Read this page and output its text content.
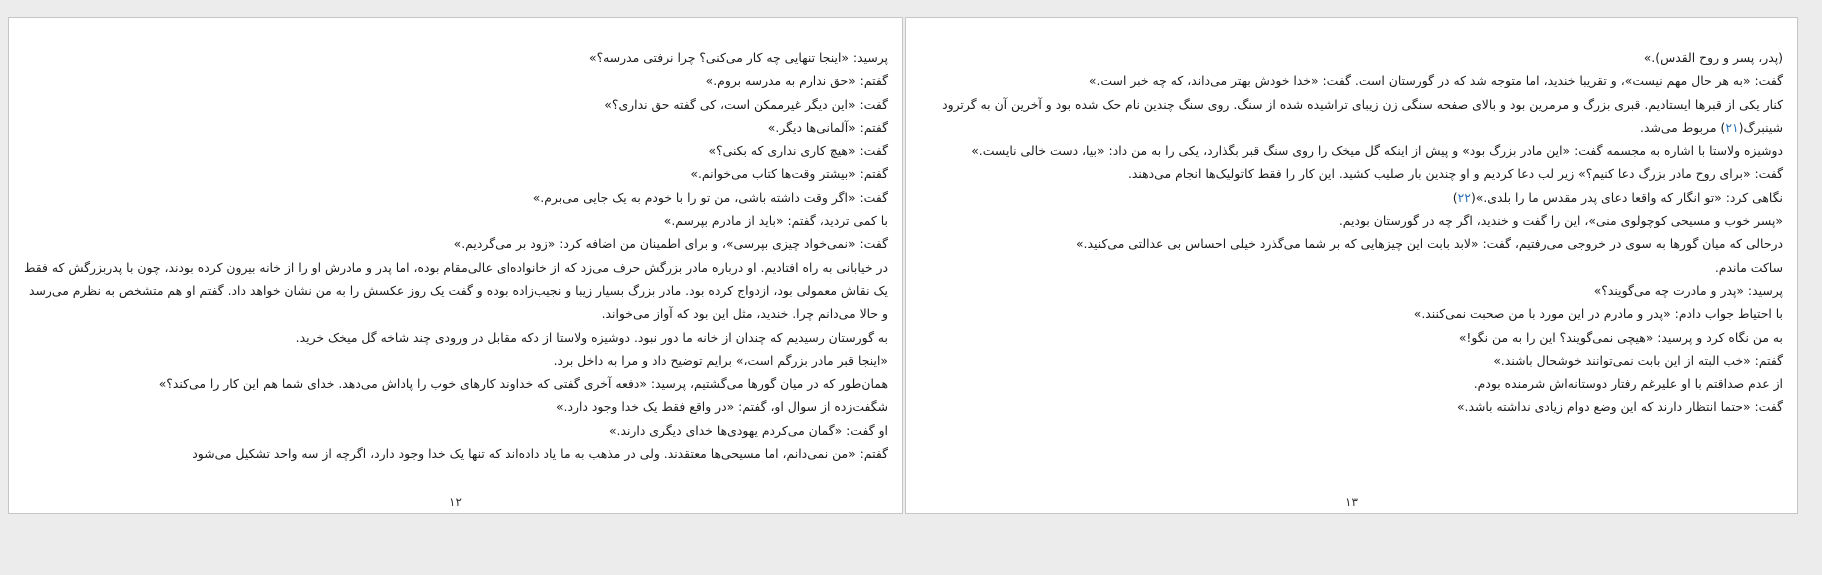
پرسید: «اینجا تنهایی چه کار می‌کنی؟ چرا نرفتی مدرسه؟»

گفتم: «حق ندارم به مدرسه بروم.»

گفت: «این دیگر غیرممکن است، کی گفته حق نداری؟»

گفتم: «آلمانی‌ها دیگر.»

گفت: «هیچ کاری نداری که بکنی؟»

گفتم: «بیشتر وقت‌ها کتاب می‌خوانم.»

گفت: «اگر وقت داشته باشی، من تو را با خودم به یک جایی می‌برم.»

با کمی تردید، گفتم: «باید از مادرم بپرسم.»

گفت: «نمی‌خواد چیزی بپرسی»، و برای اطمینان من اضافه کرد: «زود بر می‌گردیم.»

در خیابانی به راه افتادیم. او درباره مادر بزرگش حرف می‌زد که از خانواده‌ای عالی‌مقام بوده، اما پدر و مادرش او را از خانه بیرون کرده بودند، چون با پدربزرگش که فقط یک نقاش معمولی بود، ازدواج کرده بود. مادر بزرگ بسیار زیبا و نجیب‌زاده بوده و گفت یک روز عکسش را به من نشان خواهد داد. گفتم او هم متشخص به نظرم می‌رسد و حالا می‌دانم چرا. خندید، مثل این بود که آواز می‌خواند.

به گورستان رسیدیم که چندان از خانه ما دور نبود. دوشیزه ولاستا از دکه مقابل در ورودی چند شاخه گل میخک خرید.

«اینجا قبر مادر بزرگم است،» برایم توضیح داد و مرا به داخل برد.

همان‌طور که در میان گورها می‌گشتیم، پرسید: «دفعه آخری گفتی که خداوند کارهای خوب را پاداش می‌دهد. خدای شما هم این کار را می‌کند؟»

شگفت‌زده از سوال او، گفتم: «در واقع فقط یک خدا وجود دارد.»

او گفت: «گمان می‌کردم یهودی‌ها خدای دیگری دارند.»

گفتم: «من نمی‌دانم، اما مسیحی‌ها معتقدند. ولی در مذهب به ما یاد داده‌اند که تنها یک خدا وجود دارد، اگرچه از سه واحد تشکیل می‌شود

۱۲

(پدر، پسر و روح القدس).»

گفت: «به هر حال مهم نیست»، و تقریبا خندید، اما متوجه شد که در گورستان است. گفت: «خدا خودش بهتر می‌داند، که چه خبر است.»

کنار یکی از قبرها ایستادیم. قبری بزرگ و مرمرین بود و بالای صفحه سنگی زن زیبای تراشیده شده از سنگ. روی سنگ چندین نام حک شده بود و آخرین آن به گرترود شینبرگ(۲۱) مربوط می‌شد.

دوشیزه ولاستا با اشاره به مجسمه گفت: «این مادر بزرگ بود» و پیش از اینکه گل میخک را روی سنگ قبر بگذارد، یکی را به من داد: «بیا، دست خالی نایست.»

گفت: «برای روح مادر بزرگ دعا کنیم؟» زیر لب دعا کردیم و او چندین بار صلیب کشید. این کار را فقط کاتولیک‌ها انجام می‌دهند.

نگاهی کرد: «تو انگار که واقعا دعای پدر مقدس ما را بلدی.»(۲۲)

«پسر خوب و مسیحی کوچولوی منی»، این را گفت و خندید، اگر چه در گورستان بودیم.

درحالی که میان گورها به سوی در خروجی می‌رفتیم، گفت: «لابد بابت این چیزهایی که بر شما می‌گذرد خیلی احساس بی عدالتی می‌کنید.»

ساکت ماندم.

پرسید: «پدر و مادرت چه می‌گویند؟»

با احتیاط جواب دادم: «پدر و مادرم در این مورد با من صحبت نمی‌کنند.»

به من نگاه کرد و پرسید: «هیچی نمی‌گویند؟ این را به من نگو!»

گفتم: «خب البته از این بابت نمی‌توانند خوشحال باشند.»

از عدم صداقتم با او علیرغم رفتار دوستانه‌اش شرمنده بودم.

گفت: «حتما انتظار دارند که این وضع دوام زیادی نداشته باشد.»

۱۳
